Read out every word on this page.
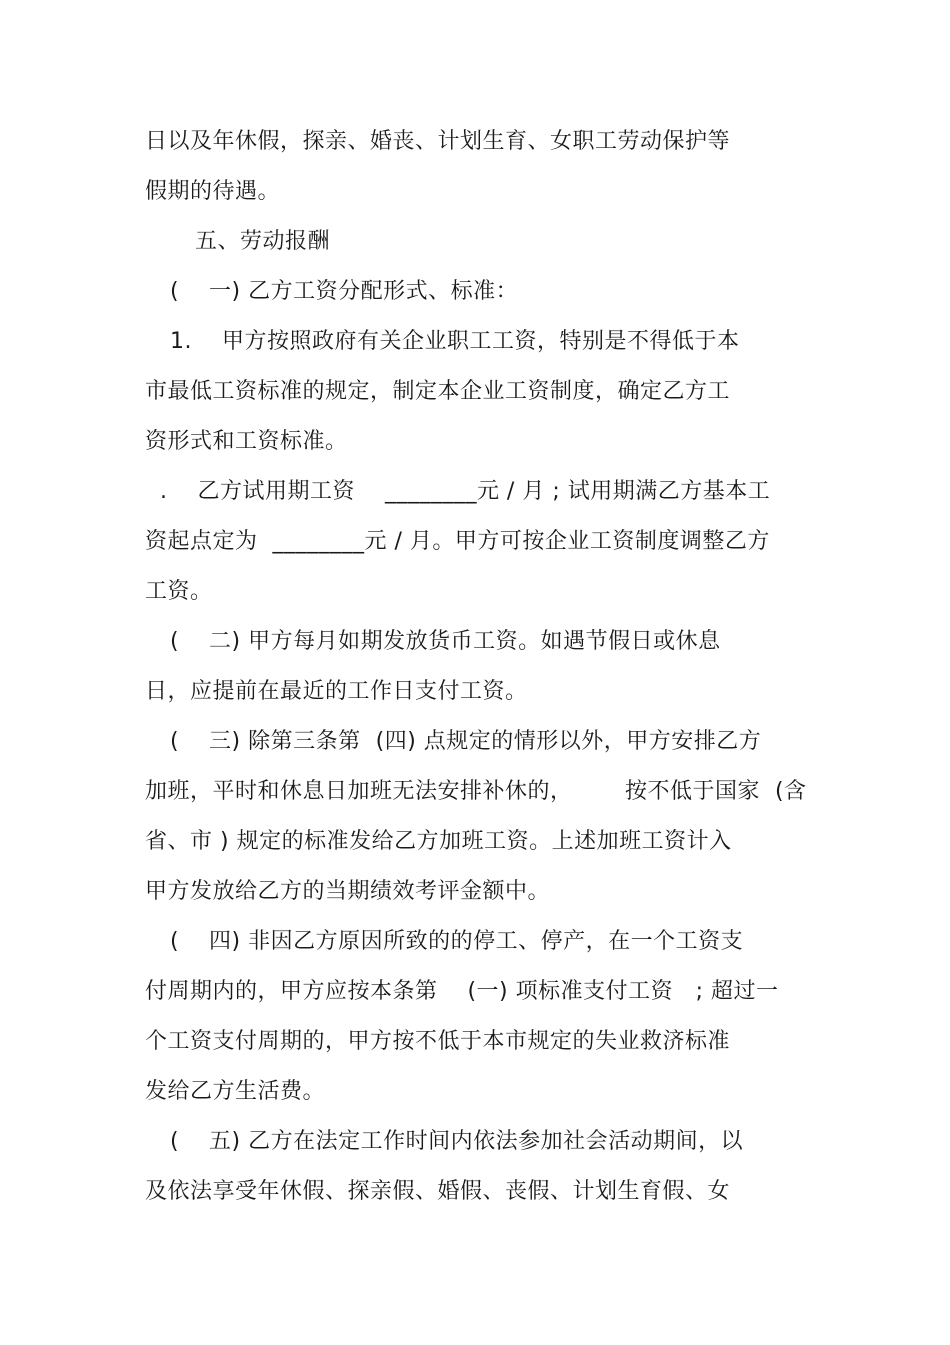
日以及年休假，探亲、婚丧、计划生育、女职工劳动保护等
假期的待遇。
五、劳动报酬
(    一) 乙方工资分配形式、标准：
1.    甲方按照政府有关企业职工工资，特别是不得低于本
市最低工资标准的规定，制定本企业工资制度，确定乙方工
资形式和工资标准。
.    乙方试用期工资    ________元 / 月 ; 试用期满乙方基本工
资起点定为  ________元 / 月。甲方可按企业工资制度调整乙方
工资。
(    二) 甲方每月如期发放货币工资。如遇节假日或休息
日，应提前在最近的工作日支付工资。
(    三) 除第三条第  (四) 点规定的情形以外，甲方安排乙方
加班，平时和休息日加班无法安排补休的，       按不低于国家  (含
省、市 ) 规定的标准发给乙方加班工资。上述加班工资计入
甲方发放给乙方的当期绩效考评金额中。
(    四) 非因乙方原因所致的的停工、停产，在一个工资支
付周期内的，甲方应按本条第    (一) 项标准支付工资   ; 超过一
个工资支付周期的，甲方按不低于本市规定的失业救济标准
发给乙方生活费。
(    五) 乙方在法定工作时间内依法参加社会活动期间，以
及依法享受年休假、探亲假、婚假、丧假、计划生育假、女
